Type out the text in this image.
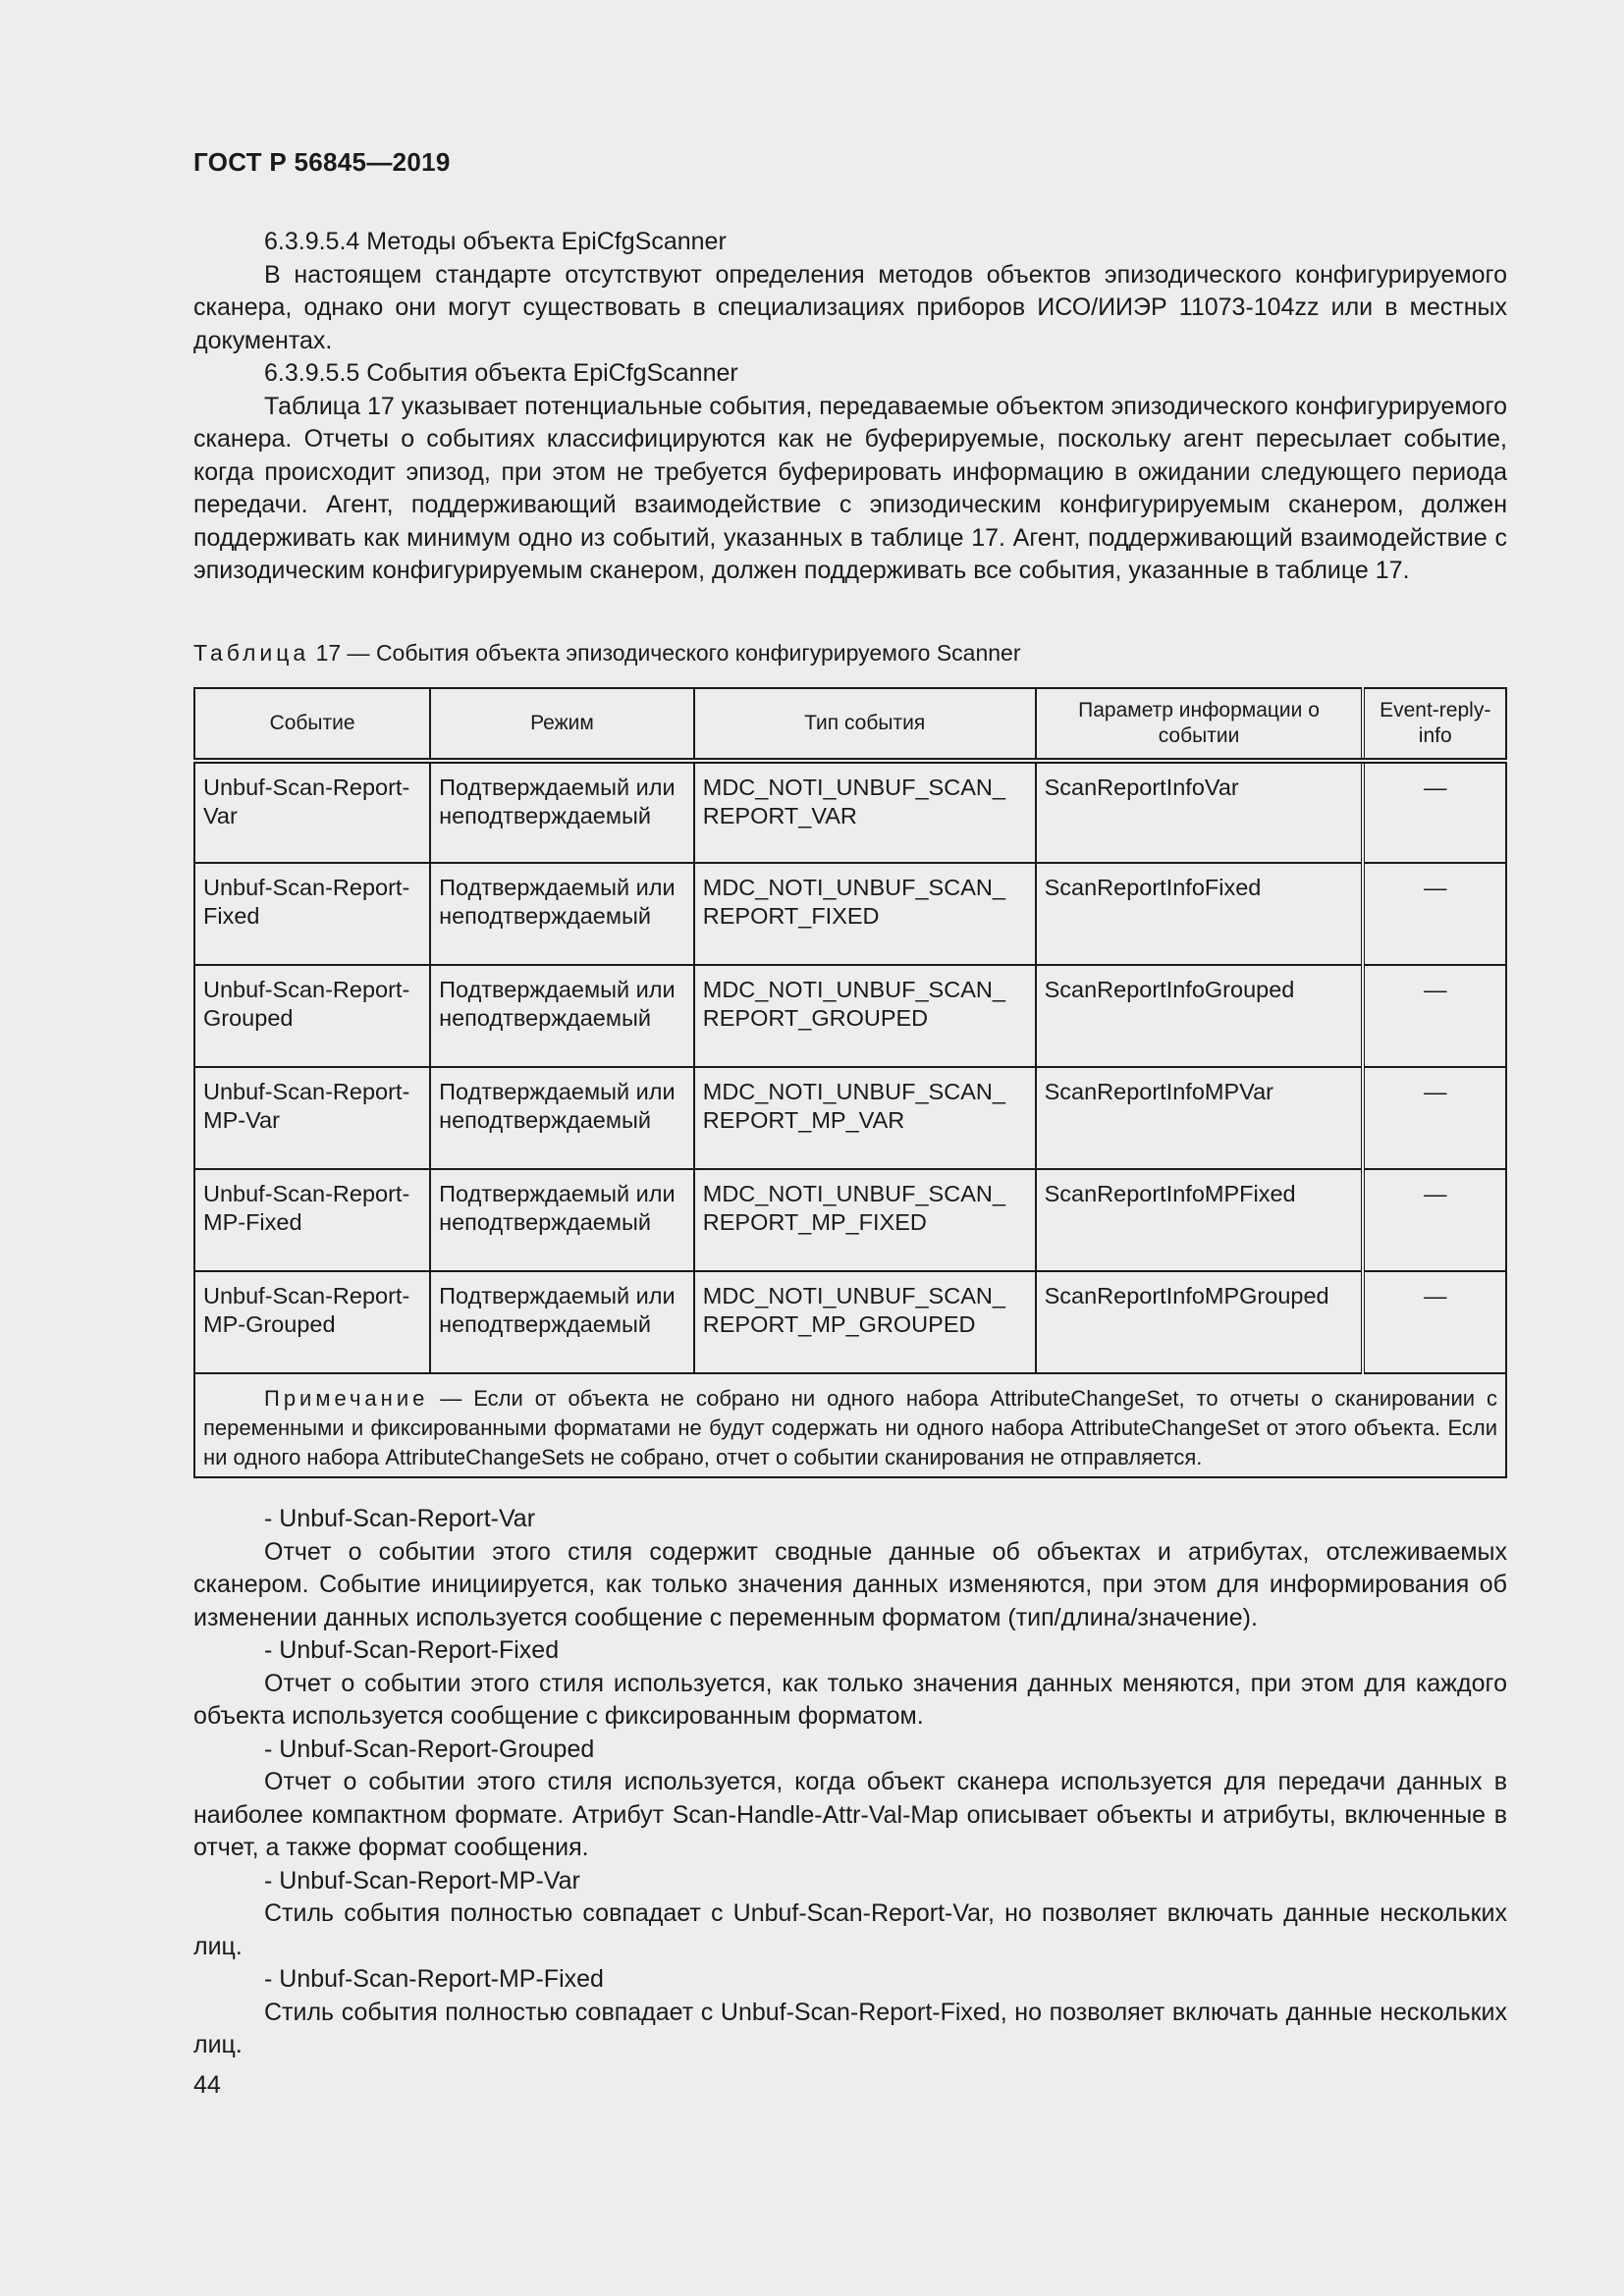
ГОСТ Р 56845—2019

6.3.9.5.4 Методы объекта EpiCfgScanner

В настоящем стандарте отсутствуют определения методов объектов эпизодического конфигурируемого сканера, однако они могут существовать в специализациях приборов ИСО/ИИЭР 11073-104zz или в местных документах.

6.3.9.5.5 События объекта EpiCfgScanner

Таблица 17 указывает потенциальные события, передаваемые объектом эпизодического конфигурируемого сканера. Отчеты о событиях классифицируются как не буферируемые, поскольку агент пересылает событие, когда происходит эпизод, при этом не требуется буферировать информацию в ожидании следующего периода передачи. Агент, поддерживающий взаимодействие с эпизодическим конфигурируемым сканером, должен поддерживать как минимум одно из событий, указанных в таблице 17. Агент, поддерживающий взаимодействие с эпизодическим конфигурируемым сканером, должен поддерживать все события, указанные в таблице 17.

Таблица 17 — События объекта эпизодического конфигурируемого Scanner
Событие	Режим	Тип события	Параметр информации о событии	Event-reply-info
Unbuf-Scan-Report-Var	Подтверждаемый или неподтверждаемый	MDC_NOTI_UNBUF_SCAN_ REPORT_VAR	ScanReportInfoVar	—
Unbuf-Scan-Report-Fixed	Подтверждаемый или неподтверждаемый	MDC_NOTI_UNBUF_SCAN_ REPORT_FIXED	ScanReportInfoFixed	—
Unbuf-Scan-Report-Grouped	Подтверждаемый или неподтверждаемый	MDC_NOTI_UNBUF_SCAN_ REPORT_GROUPED	ScanReportInfoGrouped	—
Unbuf-Scan-Report-MP-Var	Подтверждаемый или неподтверждаемый	MDC_NOTI_UNBUF_SCAN_ REPORT_MP_VAR	ScanReportInfoMPVar	—
Unbuf-Scan-Report-MP-Fixed	Подтверждаемый или неподтверждаемый	MDC_NOTI_UNBUF_SCAN_ REPORT_MP_FIXED	ScanReportInfoMPFixed	—
Unbuf-Scan-Report-MP-Grouped	Подтверждаемый или неподтверждаемый	MDC_NOTI_UNBUF_SCAN_ REPORT_MP_GROUPED	ScanReportInfoMPGrouped	—
Примечание — Если от объекта не собрано ни одного набора AttributeChangeSet, то отчеты о сканировании с переменными и фиксированными форматами не будут содержать ни одного набора AttributeChangeSet от этого объекта. Если ни одного набора AttributeChangeSets не собрано, отчет о событии сканирования не отправляется.				

- Unbuf-Scan-Report-Var

Отчет о событии этого стиля содержит сводные данные об объектах и атрибутах, отслеживаемых сканером. Событие инициируется, как только значения данных изменяются, при этом для информирования об изменении данных используется сообщение с переменным форматом (тип/длина/значение).

- Unbuf-Scan-Report-Fixed

Отчет о событии этого стиля используется, как только значения данных меняются, при этом для каждого объекта используется сообщение с фиксированным форматом.

- Unbuf-Scan-Report-Grouped

Отчет о событии этого стиля используется, когда объект сканера используется для передачи данных в наиболее компактном формате. Атрибут Scan-Handle-Attr-Val-Map описывает объекты и атрибуты, включенные в отчет, а также формат сообщения.

- Unbuf-Scan-Report-MP-Var

Стиль события полностью совпадает с Unbuf-Scan-Report-Var, но позволяет включать данные нескольких лиц.

- Unbuf-Scan-Report-MP-Fixed

Стиль события полностью совпадает с Unbuf-Scan-Report-Fixed, но позволяет включать данные нескольких лиц.

44
